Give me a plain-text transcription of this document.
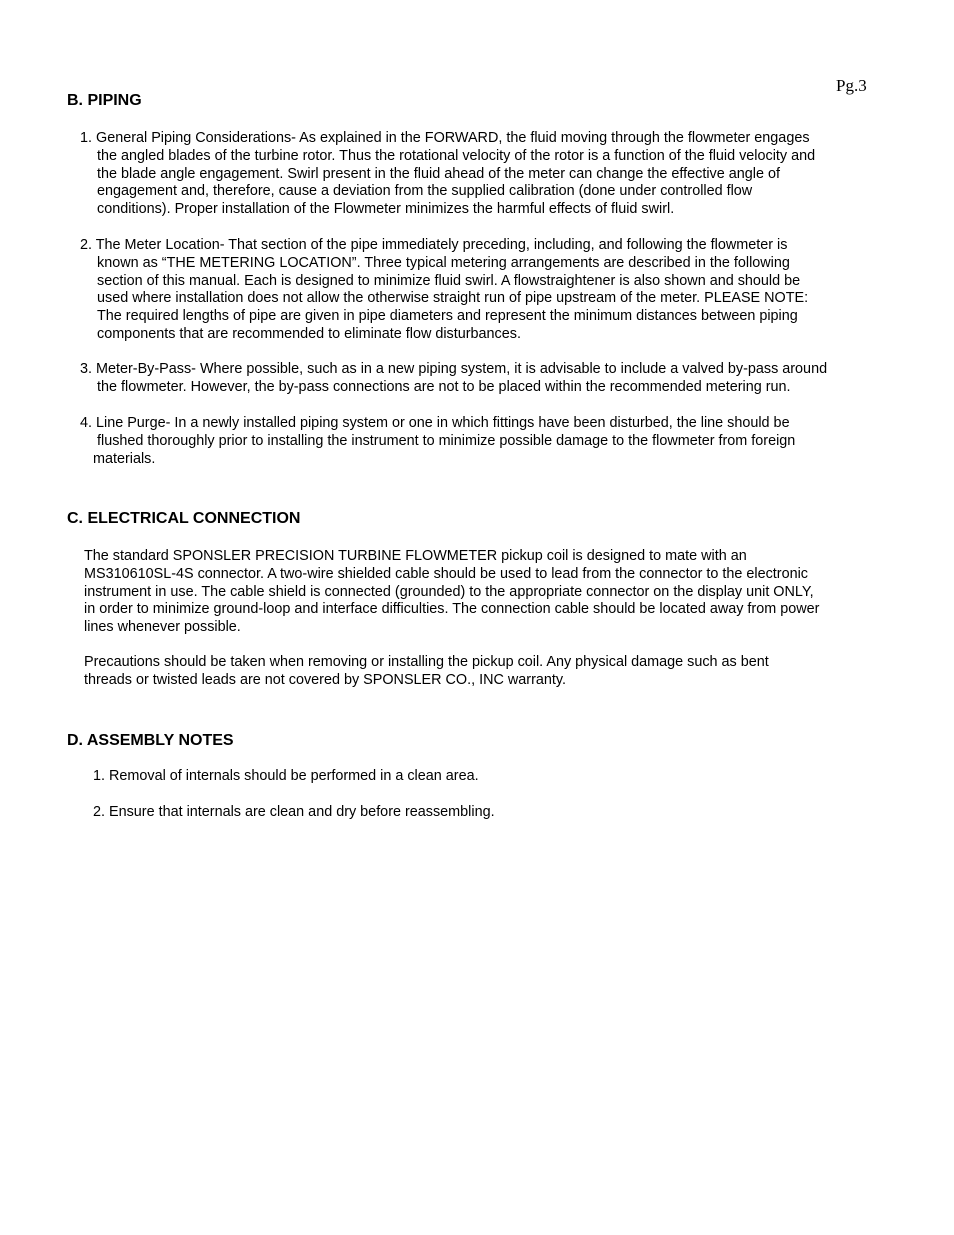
Pg.3
B. PIPING

1. General Piping Considerations- As explained in the FORWARD, the fluid moving through the flowmeter engages
the angled blades of the turbine rotor. Thus the rotational velocity of the rotor is a function of the fluid velocity and
the blade angle engagement. Swirl present in the fluid ahead of the meter can change the effective angle of
engagement and, therefore, cause a deviation from the supplied calibration (done under controlled flow
conditions). Proper installation of the Flowmeter minimizes the harmful effects of fluid swirl.

2. The Meter Location- That section of the pipe immediately preceding, including, and following the flowmeter is
known as “THE METERING LOCATION”. Three typical metering arrangements are described in the following
section of this manual. Each is designed to minimize fluid swirl. A flowstraightener is also shown and should be
used where installation does not allow the otherwise straight run of pipe upstream of the meter. PLEASE NOTE:
The required lengths of pipe are given in pipe diameters and represent the minimum distances between piping
components that are recommended to eliminate flow disturbances.

3. Meter-By-Pass- Where possible, such as in a new piping system, it is advisable to include a valved by-pass around
the flowmeter. However, the by-pass connections are not to be placed within the recommended metering run.

4. Line Purge- In a newly installed piping system or one in which fittings have been disturbed, the line should be
flushed thoroughly prior to installing the instrument to minimize possible damage to the flowmeter from foreign
materials.

C. ELECTRICAL CONNECTION

The standard SPONSLER PRECISION TURBINE FLOWMETER pickup coil is designed to mate with an
MS310610SL-4S connector. A two-wire shielded cable should be used to lead from the connector to the electronic
instrument in use. The cable shield is connected (grounded) to the appropriate connector on the display unit ONLY,
in order to minimize ground-loop and interface difficulties. The connection cable should be located away from power
lines whenever possible.

Precautions should be taken when removing or installing the pickup coil. Any physical damage such as bent
threads or twisted leads are not covered by SPONSLER CO., INC warranty.

D. ASSEMBLY NOTES

1. Removal of internals should be performed in a clean area.

2. Ensure that internals are clean and dry before reassembling.
